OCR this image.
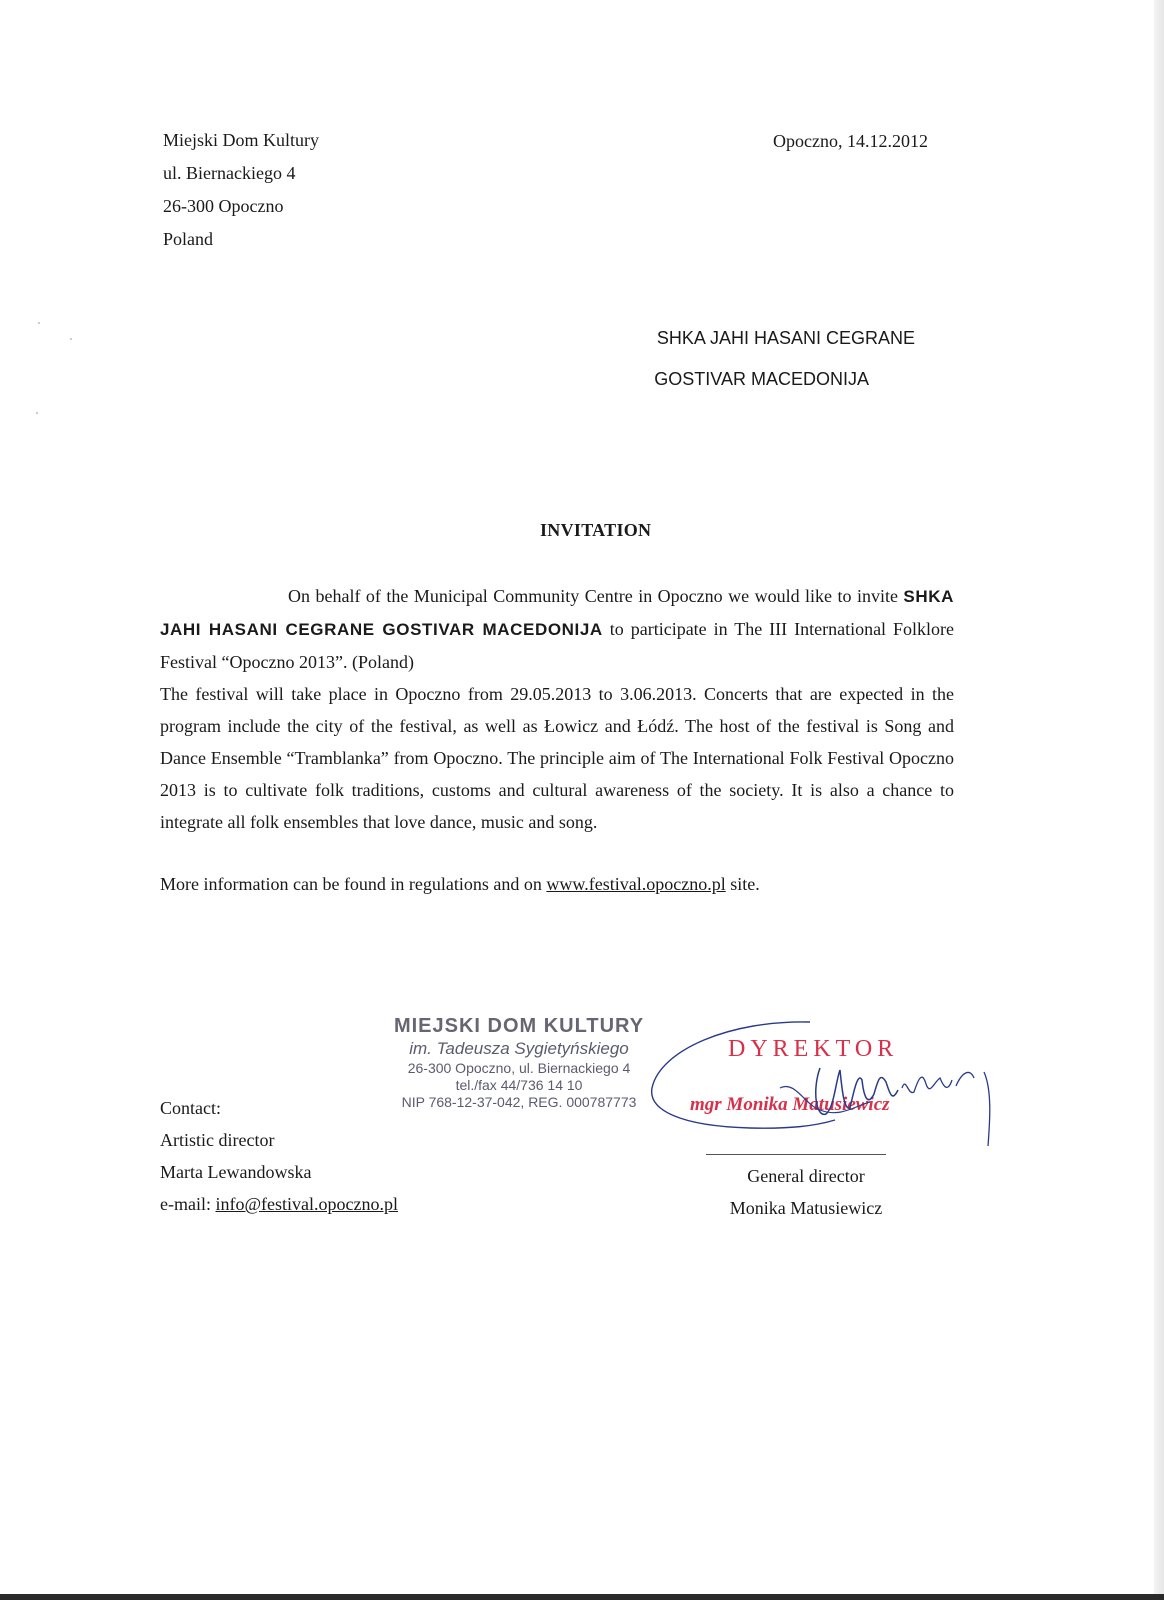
Miejski Dom Kultury
ul. Biernackiego 4
26-300 Opoczno
Poland
Opoczno, 14.12.2012
SHKA JAHI HASANI CEGRANE
GOSTIVAR MACEDONIJA
INVITATION
On behalf of the Municipal Community Centre in Opoczno we would like to invite SHKA JAHI HASANI CEGRANE GOSTIVAR MACEDONIJA to participate in The III International Folklore Festival “Opoczno 2013”. (Poland)
The festival will take place in Opoczno from 29.05.2013 to 3.06.2013. Concerts that are expected in the program include the city of the festival, as well as Łowicz and Łódź. The host of the festival is Song and Dance Ensemble “Tramblanka” from Opoczno. The principle aim of The International Folk Festival Opoczno 2013 is to cultivate folk traditions, customs and cultural awareness of the society. It is also a chance to integrate all folk ensembles that love dance, music and song.
More information can be found in regulations and on www.festival.opoczno.pl site.
MIEJSKI DOM KULTURY
im. Tadeusza Sygietyńskiego
26-300 Opoczno, ul. Biernackiego 4
tel./fax 44/736 14 10
NIP 768-12-37-042, REG. 000787773
DYREKTOR
mgr Monika Matusiewicz
Contact:
Artistic director
Marta Lewandowska
e-mail: info@festival.opoczno.pl
General director
Monika Matusiewicz
